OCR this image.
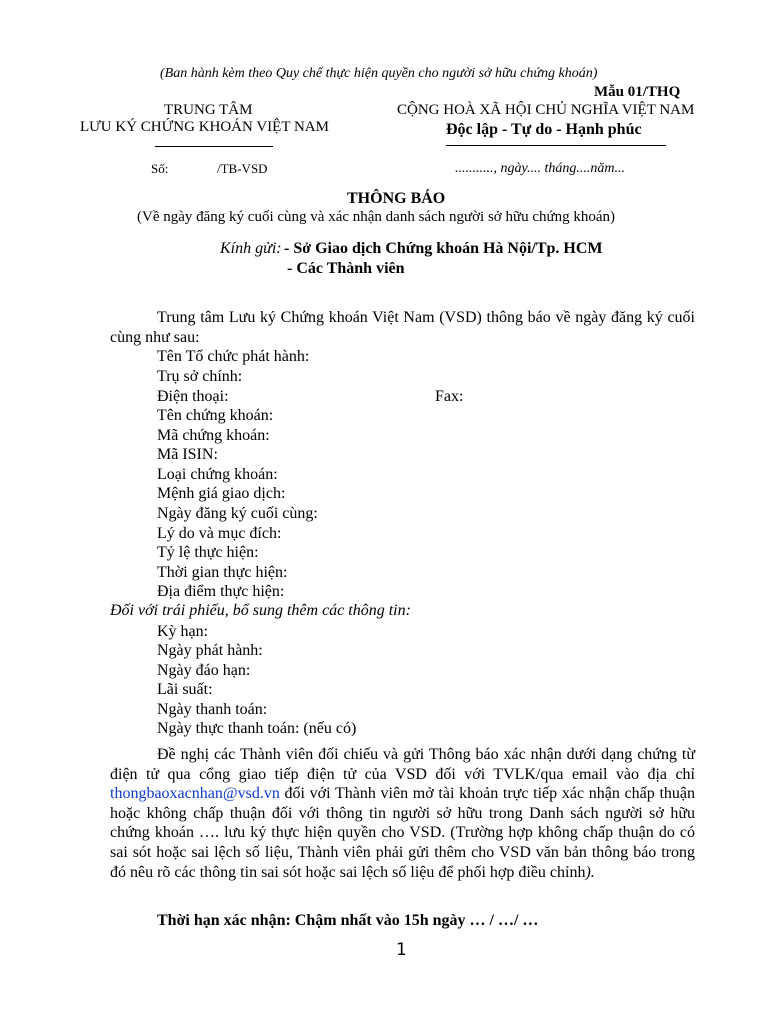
(Ban hành kèm theo Quy chế thực hiện quyền cho người sở hữu chứng khoán)
Mẫu 01/THQ
TRUNG TÂM
LƯU KÝ CHỨNG KHOÁN VIỆT NAM
CỘNG HOÀ XÃ HỘI CHỦ NGHĨA VIỆT NAM
Độc lập - Tự do - Hạnh phúc
Số:	/TB-VSD	..........., ngày.... tháng....năm...
THÔNG BÁO
(Về ngày đăng ký cuối cùng và xác nhận danh sách người sở hữu chứng khoán)
Kính gửi: - Sở Giao dịch Chứng khoán Hà Nội/Tp. HCM
- Các Thành viên
Trung tâm Lưu ký Chứng khoán Việt Nam (VSD) thông báo về ngày đăng ký cuối cùng như sau:
Tên Tổ chức phát hành:
Trụ sở chính:
Điện thoại:	Fax:
Tên chứng khoán:
Mã chứng khoán:
Mã ISIN:
Loại chứng khoán:
Mệnh giá giao dịch:
Ngày đăng ký cuối cùng:
Lý do và mục đích:
Tỷ lệ thực hiện:
Thời gian thực hiện:
Địa điểm thực hiện:
Đối với trái phiếu, bổ sung thêm các thông tin:
Kỳ hạn:
Ngày phát hành:
Ngày đáo hạn:
Lãi suất:
Ngày thanh toán:
Ngày thực thanh toán: (nếu có)
Đề nghị các Thành viên đối chiếu và gửi Thông báo xác nhận dưới dạng chứng từ điện tử qua cổng giao tiếp điện tử của VSD đối với TVLK/qua email vào địa chỉ thongbaoxacnhan@vsd.vn đối với Thành viên mở tài khoản trực tiếp xác nhận chấp thuận hoặc không chấp thuận đối với thông tin người sở hữu trong Danh sách người sở hữu chứng khoán …. lưu ký thực hiện quyền cho VSD. (Trường hợp không chấp thuận do có sai sót hoặc sai lệch số liệu, Thành viên phải gửi thêm cho VSD văn bản thông báo trong đó nêu rõ các thông tin sai sót hoặc sai lệch số liệu để phối hợp điều chỉnh).
Thời hạn xác nhận: Chậm nhất vào 15h ngày … / …/ …
1
